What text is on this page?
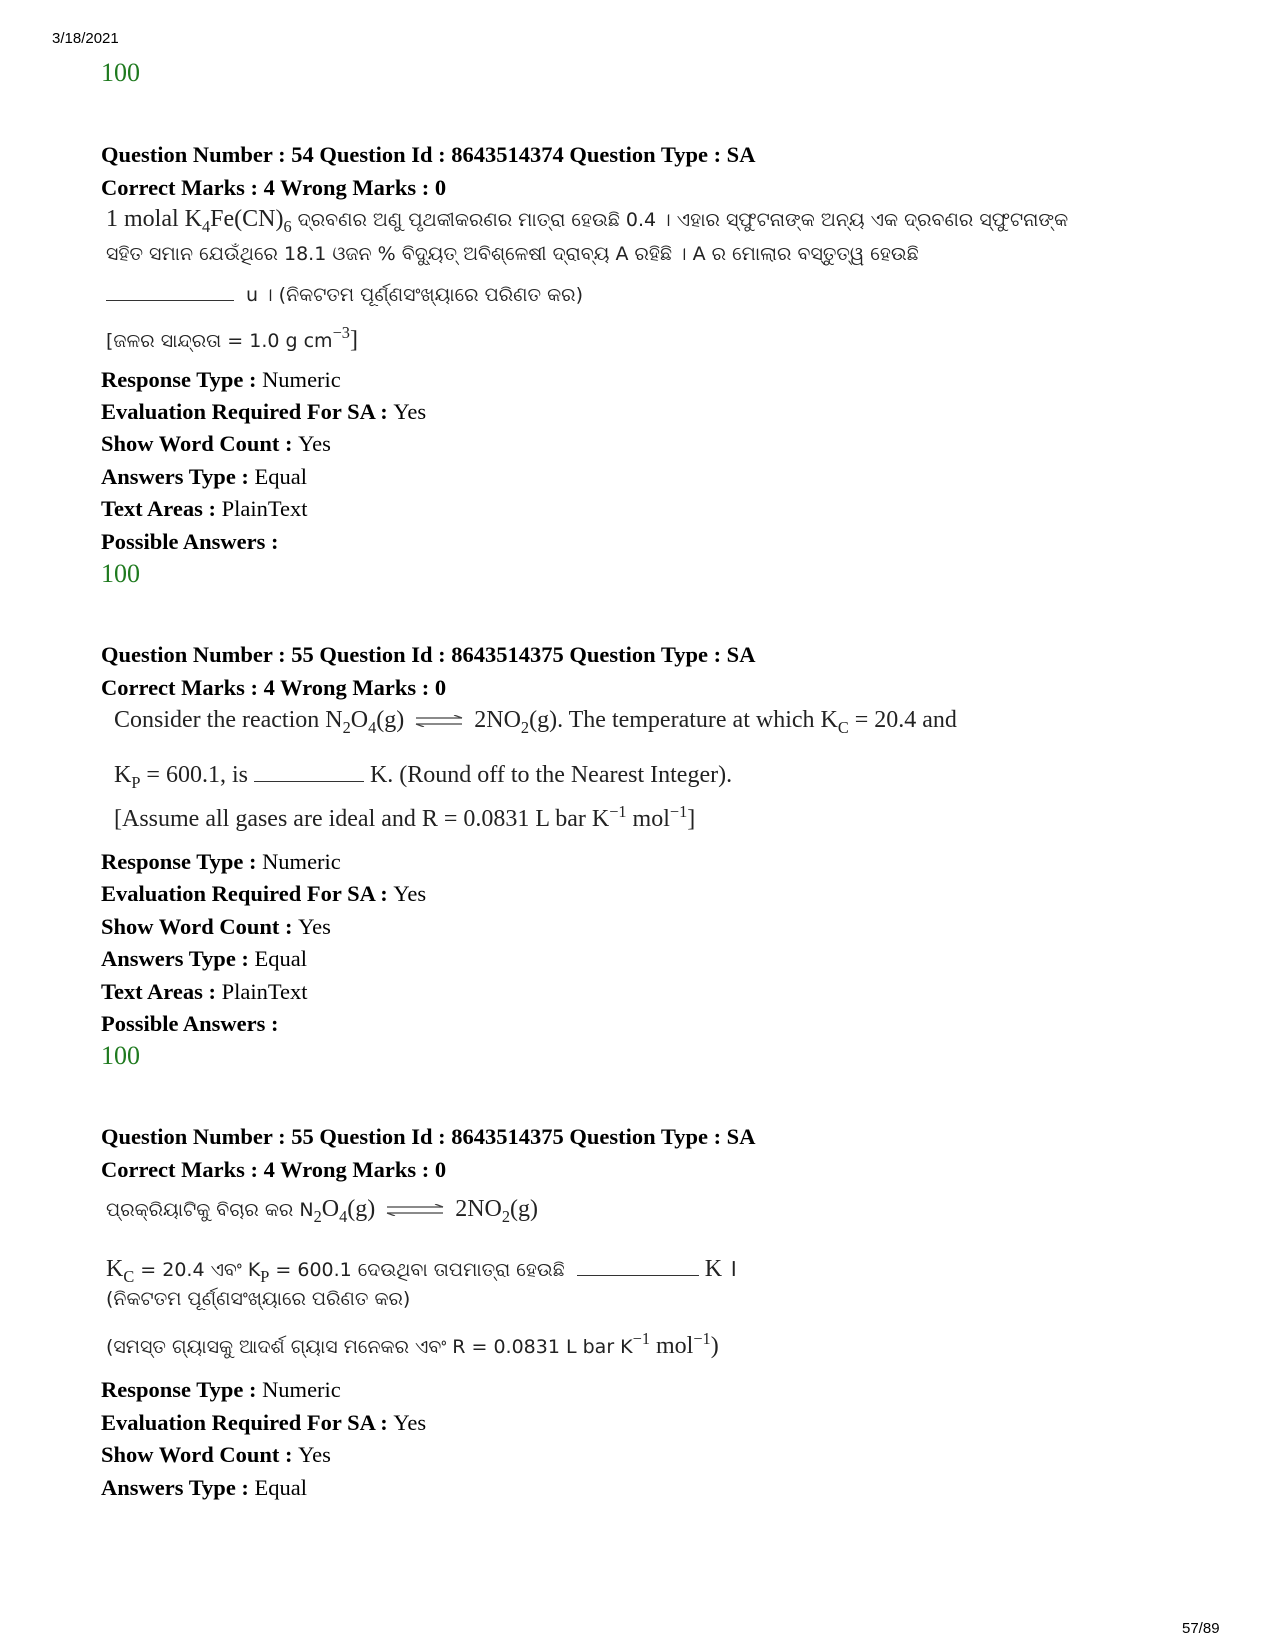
3/18/2021
57/89
100
Question Number : 54 Question Id : 8643514374 Question Type : SA
Correct Marks : 4 Wrong Marks : 0
1 molal $K_4Fe(CN)_6$ ଦ୍ରବଣର ଅଣୁ ପୃଥକୀକରଣର ମାତ୍ରା ହେଉଛି 0.4 । ଏହାର ସ୍ଫୁଟନାଙ୍କ ଅନ୍ୟ ଏକ ଦ୍ରବଣର ସ୍ଫୁଟନାଙ୍କ
ସହିତ ସମାନ ଯେଉଁଥିରେ 18.1 ଓଜନ % ବିଦ୍ୟୁତ୍ ଅବିଶ୍ଳେଷୀ ଦ୍ରାବ୍ୟ A ରହିଛି । A ର ମୋଲାର ବସ୍ତୁତ୍ୱ ହେଉଛି
u । (ନିକଟତମ ପୂର୍ଣ୍ଣସଂଖ୍ୟାରେ ପରିଣତ କର)
[ଜଳର ସାନ୍ଦ୍ରତା = 1.0 g $cm^{-3}$]
Response Type : Numeric
Evaluation Required For SA : Yes
Show Word Count : Yes
Answers Type : Equal
Text Areas : PlainText
Possible Answers :
100
Question Number : 55 Question Id : 8643514375 Question Type : SA
Correct Marks : 4 Wrong Marks : 0
Consider the reaction $N_2O_4(g)$ ⇌ $2NO_2(g)$. The temperature at which $K_C = 20.4$ and
$K_P = 600.1$, is	K. (Round off to the Nearest Integer).
[Assume all gases are ideal and R = 0.0831 L bar $K^{-1}$ mol$^{-1}$]
Response Type : Numeric
Evaluation Required For SA : Yes
Show Word Count : Yes
Answers Type : Equal
Text Areas : PlainText
Possible Answers :
100
Question Number : 55 Question Id : 8643514375 Question Type : SA
Correct Marks : 4 Wrong Marks : 0
ପ୍ରକ୍ରିୟାଟିକୁ ବିଚାର କର $N_2O_4(g)$ ⇌ $2NO_2(g)$
$K_C = 20.4$ ଏବଂ $K_P = 600.1$ ଦେଉଥିବା ତାପମାତ୍ରା ହେଉଛି	K ।
(ନିକଟତମ ପୂର୍ଣ୍ଣସଂଖ୍ୟାରେ ପରିଣତ କର)
(ସମସ୍ତ ଗ୍ୟାସକୁ ଆଦର୍ଶ ଗ୍ୟାସ ମନେକର ଏବଂ R = 0.0831 L bar $K^{-1}$ mol$^{-1}$)
Response Type : Numeric
Evaluation Required For SA : Yes
Show Word Count : Yes
Answers Type : Equal
